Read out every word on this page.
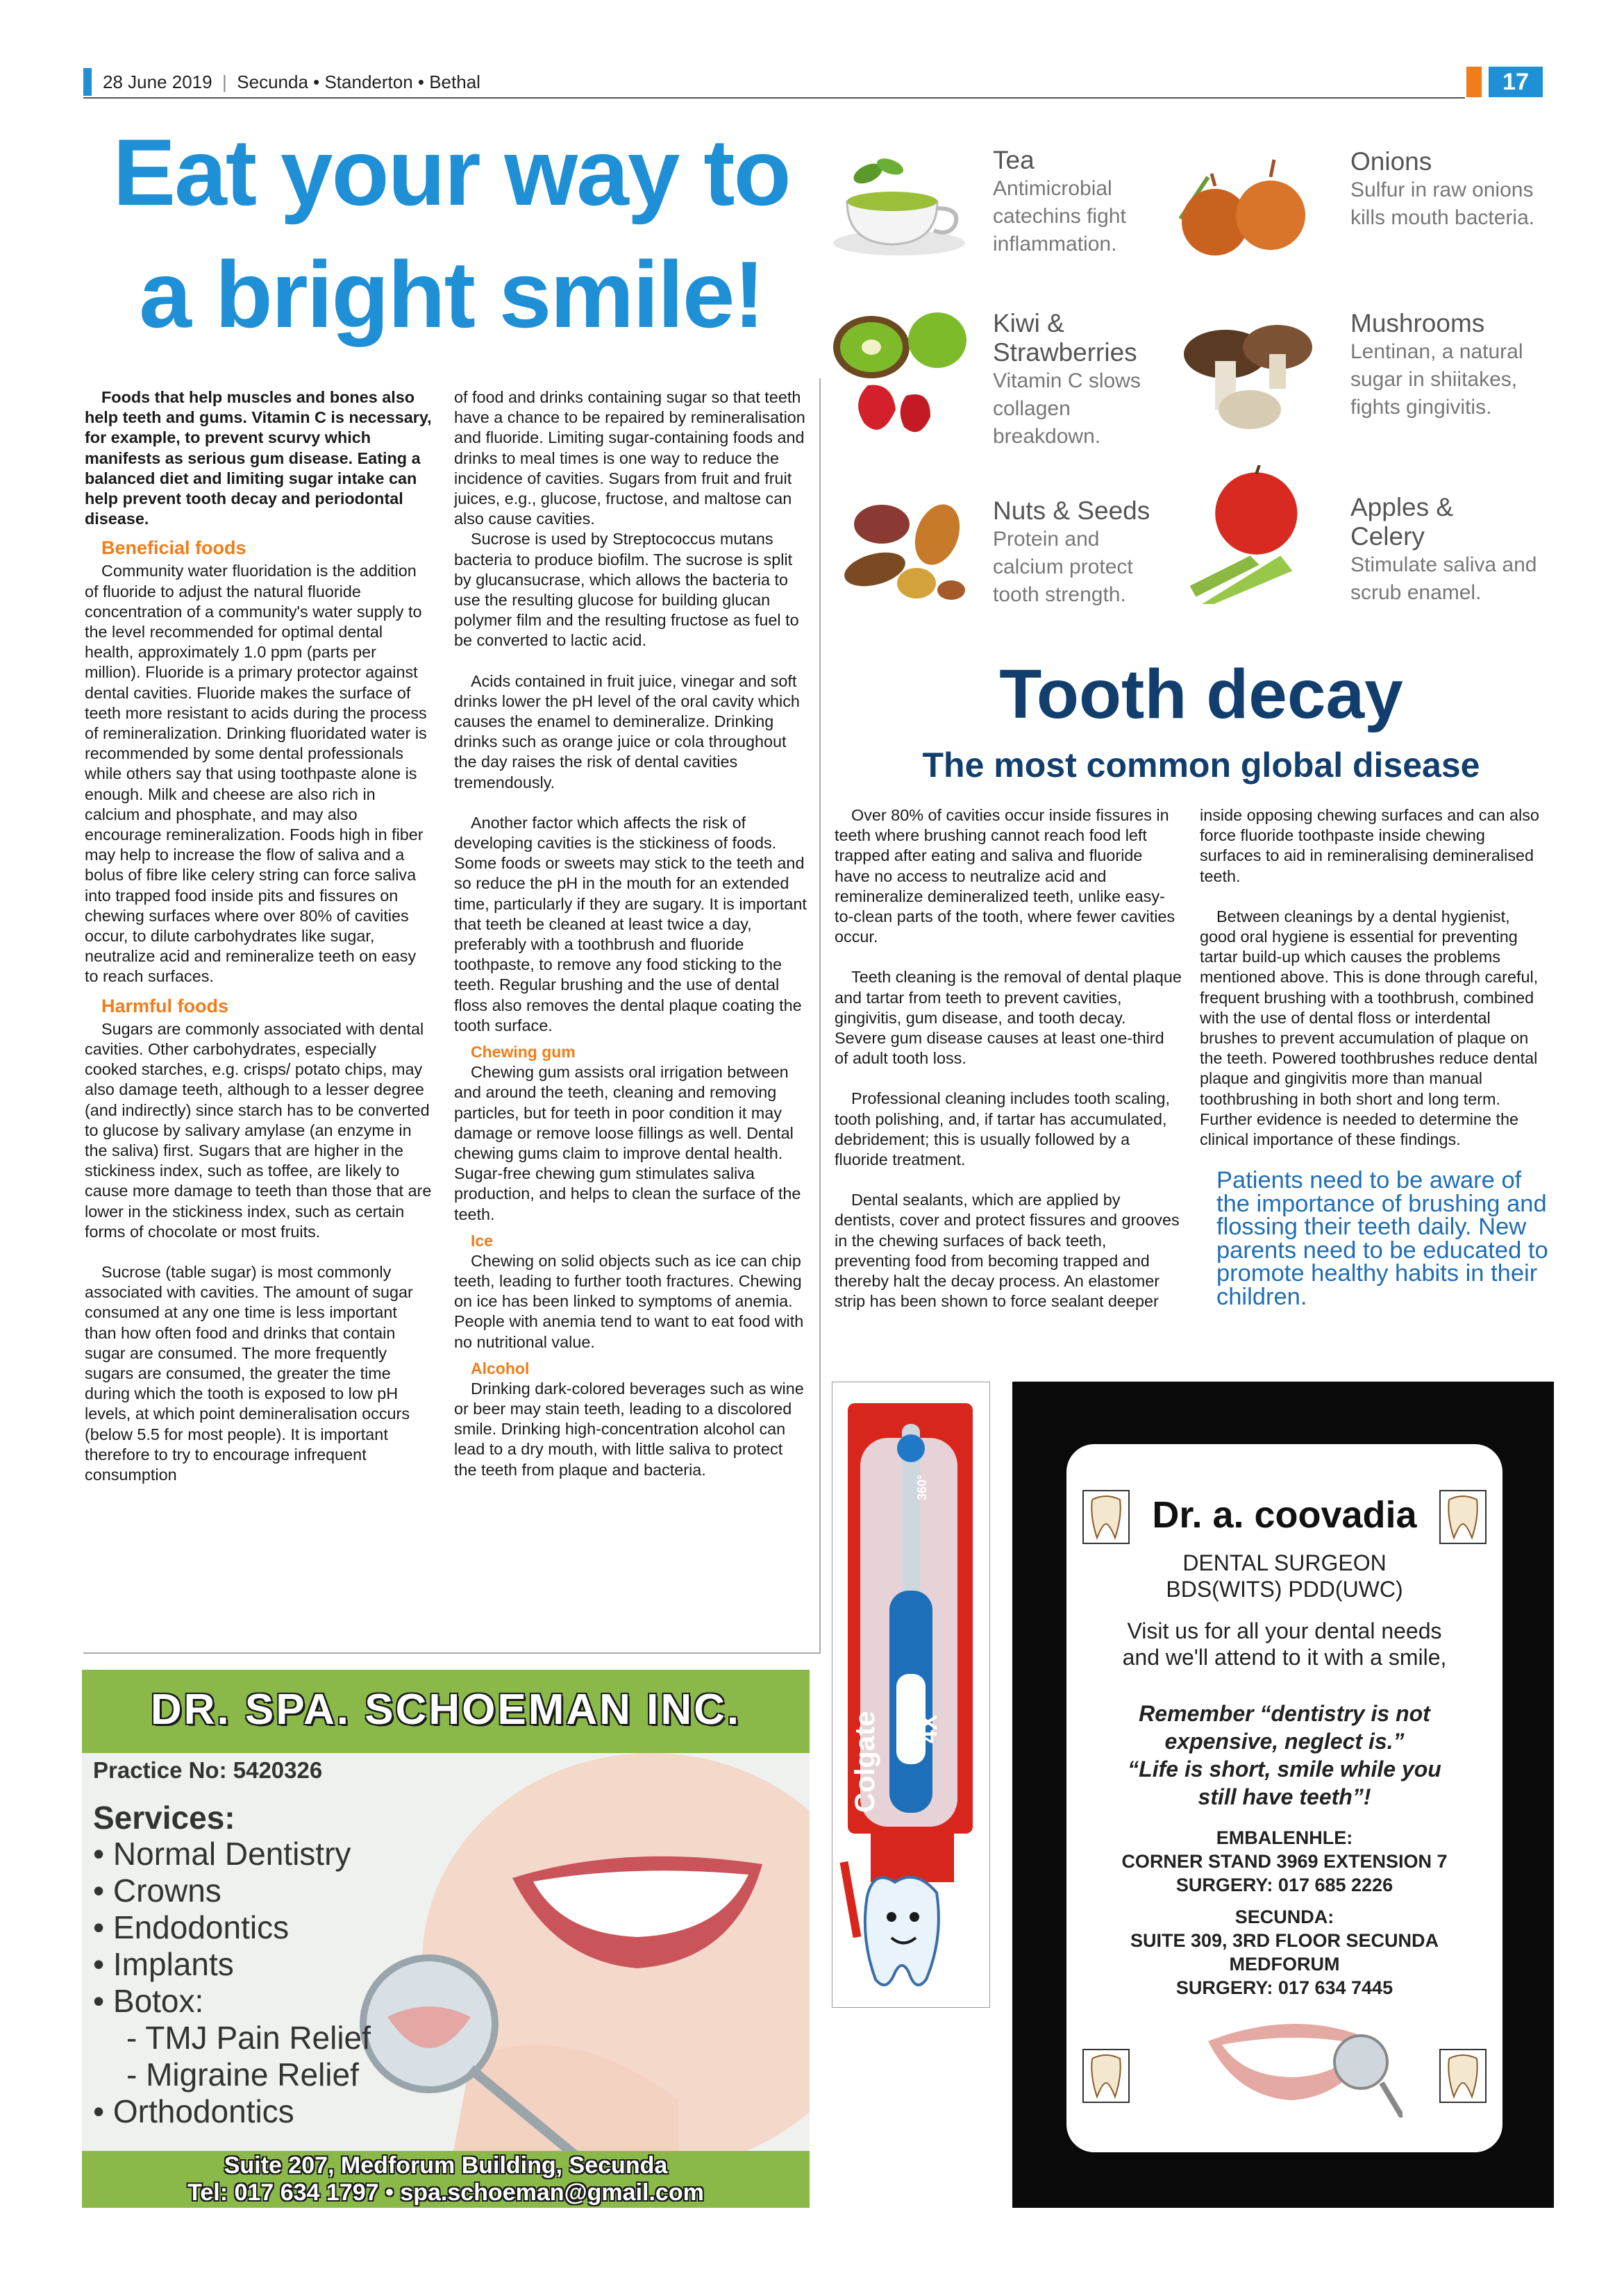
28 June 2019  |  Secunda • Standerton • Bethal	17
Eat your way to
a bright smile!

Foods that help muscles and bones also help teeth and gums. Vitamin C is necessary, for example, to prevent scurvy which manifests as serious gum disease. Eating a balanced diet and limiting sugar intake can help prevent tooth decay and periodontal disease.

Beneficial foods

Community water fluoridation is the addition of fluoride to adjust the natural fluoride concentration of a community's water supply to the level recommended for optimal dental health, approximately 1.0 ppm (parts per million). Fluoride is a primary protector against dental cavities. Fluoride makes the surface of teeth more resistant to acids during the process of remineralization. Drinking fluoridated water is recommended by some dental professionals while others say that using toothpaste alone is enough. Milk and cheese are also rich in calcium and phosphate, and may also encourage remineralization. Foods high in fiber may help to increase the flow of saliva and a bolus of fibre like celery string can force saliva into trapped food inside pits and fissures on chewing surfaces where over 80% of cavities occur, to dilute carbohydrates like sugar, neutralize acid and remineralize teeth on easy to reach surfaces.

Harmful foods

Sugars are commonly associated with dental cavities. Other carbohydrates, especially cooked starches, e.g. crisps/ potato chips, may also damage teeth, although to a lesser degree (and indirectly) since starch has to be converted to glucose by salivary amylase (an enzyme in the saliva) first. Sugars that are higher in the stickiness index, such as toffee, are likely to cause more damage to teeth than those that are lower in the stickiness index, such as certain forms of chocolate or most fruits.

Sucrose (table sugar) is most commonly associated with cavities. The amount of sugar consumed at any one time is less important than how often food and drinks that contain sugar are consumed. The more frequently sugars are consumed, the greater the time during which the tooth is exposed to low pH levels, at which point demineralisation occurs (below 5.5 for most people). It is important therefore to try to encourage infrequent consumption

of food and drinks containing sugar so that teeth have a chance to be repaired by remineralisation and fluoride. Limiting sugar-containing foods and drinks to meal times is one way to reduce the incidence of cavities. Sugars from fruit and fruit juices, e.g., glucose, fructose, and maltose can also cause cavities.

Sucrose is used by Streptococcus mutans bacteria to produce biofilm. The sucrose is split by glucansucrase, which allows the bacteria to use the resulting glucose for building glucan polymer film and the resulting fructose as fuel to be converted to lactic acid.

Acids contained in fruit juice, vinegar and soft drinks lower the pH level of the oral cavity which causes the enamel to demineralize. Drinking drinks such as orange juice or cola throughout the day raises the risk of dental cavities tremendously.

Another factor which affects the risk of developing cavities is the stickiness of foods. Some foods or sweets may stick to the teeth and so reduce the pH in the mouth for an extended time, particularly if they are sugary. It is important that teeth be cleaned at least twice a day, preferably with a toothbrush and fluoride toothpaste, to remove any food sticking to the teeth. Regular brushing and the use of dental floss also removes the dental plaque coating the tooth surface.

Chewing gum

Chewing gum assists oral irrigation between and around the teeth, cleaning and removing particles, but for teeth in poor condition it may damage or remove loose fillings as well. Dental chewing gums claim to improve dental health. Sugar-free chewing gum stimulates saliva production, and helps to clean the surface of the teeth.

Ice

Chewing on solid objects such as ice can chip teeth, leading to further tooth fractures. Chewing on ice has been linked to symptoms of anemia. People with anemia tend to want to eat food with no nutritional value.

Alcohol

Drinking dark-colored beverages such as wine or beer may stain teeth, leading to a discolored smile. Drinking high-concentration alcohol can lead to a dry mouth, with little saliva to protect the teeth from plaque and bacteria.

Tea
Antimicrobial catechins fight inflammation.
Onions
Sulfur in raw onions kills mouth bacteria.
Kiwi & Strawberries
Vitamin C slows collagen breakdown.
Mushrooms
Lentinan, a natural sugar in shiitakes, fights gingivitis.
Nuts & Seeds
Protein and calcium protect tooth strength.
Apples & Celery
Stimulate saliva and scrub enamel.
Tooth decay
The most common global disease

Over 80% of cavities occur inside fissures in teeth where brushing cannot reach food left trapped after eating and saliva and fluoride have no access to neutralize acid and remineralize demineralized teeth, unlike easy-to-clean parts of the tooth, where fewer cavities occur.

Teeth cleaning is the removal of dental plaque and tartar from teeth to prevent cavities, gingivitis, gum disease, and tooth decay. Severe gum disease causes at least one-third of adult tooth loss.

Professional cleaning includes tooth scaling, tooth polishing, and, if tartar has accumulated, debridement; this is usually followed by a fluoride treatment.

Dental sealants, which are applied by dentists, cover and protect fissures and grooves in the chewing surfaces of back teeth, preventing food from becoming trapped and thereby halt the decay process. An elastomer strip has been shown to force sealant deeper

inside opposing chewing surfaces and can also force fluoride toothpaste inside chewing surfaces to aid in remineralising demineralised teeth.

Between cleanings by a dental hygienist, good oral hygiene is essential for preventing tartar build-up which causes the problems mentioned above. This is done through careful, frequent brushing with a toothbrush, combined with the use of dental floss or interdental brushes to prevent accumulation of plaque on the teeth. Powered toothbrushes reduce dental plaque and gingivitis more than manual toothbrushing in both short and long term. Further evidence is needed to determine the clinical importance of these findings.

Patients need to be aware of the importance of brushing and flossing their teeth daily. New parents need to be educated to promote healthy habits in their children.
Colgate 4X
360°
Dr. a. coovadia
DENTAL SURGEON
BDS(WITS) PDD(UWC)
Visit us for all your dental needs
and we'll attend to it with a smile,
Remember “dentistry is not expensive, neglect is.”
“Life is short, smile while you still have teeth”!
EMBALENHLE:
CORNER STAND 3969 EXTENSION 7
SURGERY: 017 685 2226
SECUNDA:
SUITE 309, 3RD FLOOR SECUNDA
MEDFORUM
SURGERY: 017 634 7445
DR. SPA. SCHOEMAN INC.
Practice No: 5420326
Services:
• Normal Dentistry
• Crowns
• Endodontics
• Implants
• Botox:
- TMJ Pain Relief
- Migraine Relief
• Orthodontics
Suite 207, Medforum Building, Secunda
Tel: 017 634 1797 • spa.schoeman@gmail.com
